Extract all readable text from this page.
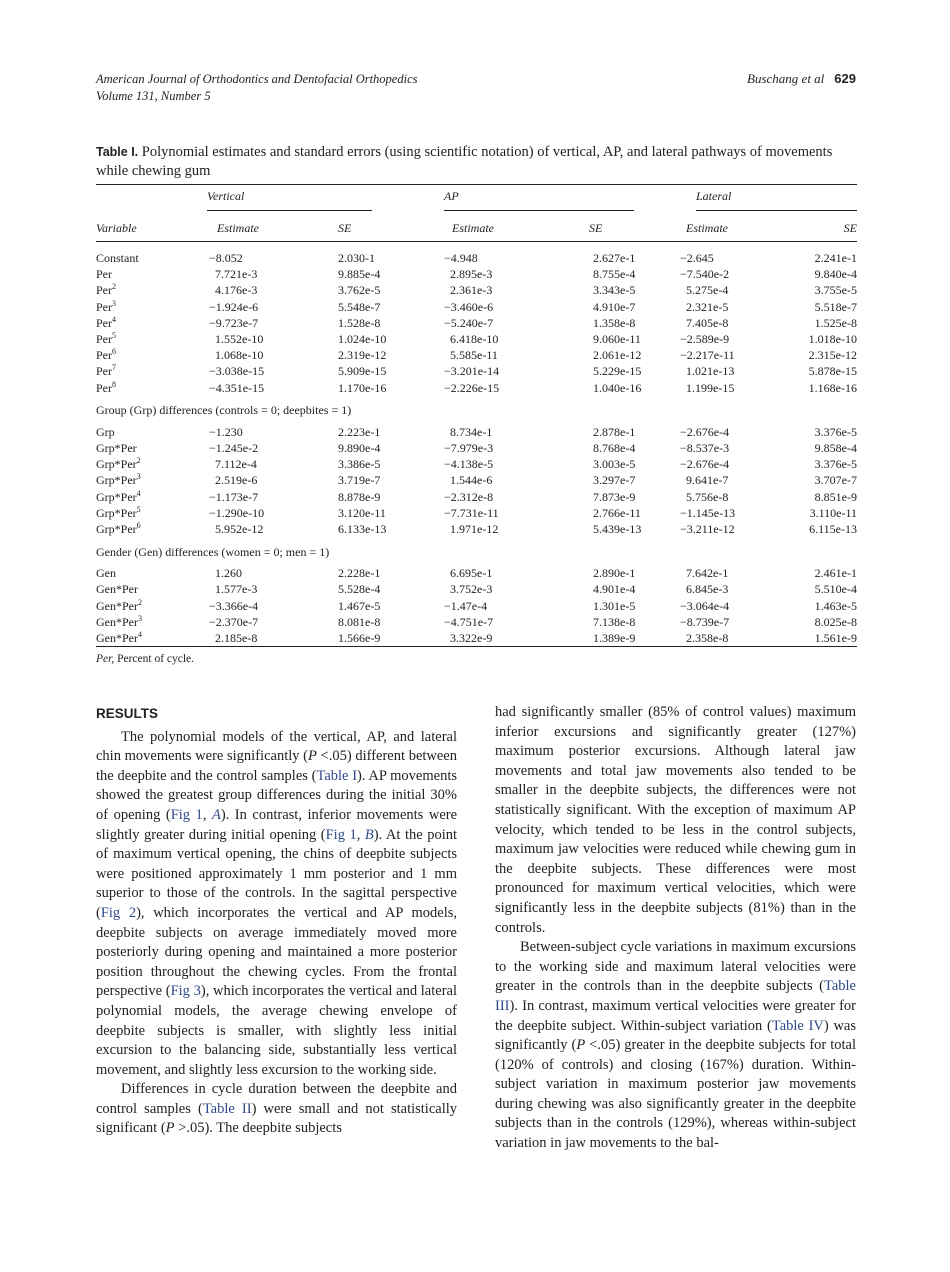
American Journal of Orthodontics and Dentofacial Orthopedics
Volume 131, Number 5
Buschang et al 629
Table I. Polynomial estimates and standard errors (using scientific notation) of vertical, AP, and lateral pathways of movements while chewing gum

	Vertical			AP			Lateral	

Variable	Estimate		SE	Estimate	SE	Estimate		SE

Constant	−8.052		2.030-1	−4.948	2.627e-1	−2.645		2.241e-1
Per	 7.721e-3		9.885e-4	 2.895e-3	8.755e-4	−7.540e-2		9.840e-4
Per$^2$	 4.176e-3		3.762e-5	 2.361e-3	3.343e-5	 5.275e-4		3.755e-5
Per$^3$	−1.924e-6		5.548e-7	−3.460e-6	4.910e-7	 2.321e-5		5.518e-7
Per$^4$	−9.723e-7		1.528e-8	−5.240e-7	1.358e-8	 7.405e-8		1.525e-8
Per$^5$	 1.552e-10		1.024e-10	 6.418e-10	9.060e-11	−2.589e-9		1.018e-10
Per$^6$	 1.068e-10		2.319e-12	 5.585e-11	2.061e-12	−2.217e-11		2.315e-12
Per$^7$	−3.038e-15		5.909e-15	−3.201e-14	5.229e-15	 1.021e-13		5.878e-15
Per$^8$	−4.351e-15		1.170e-16	−2.226e-15	1.040e-16	 1.199e-15		1.168e-16
Group (Grp) differences (controls = 0; deepbites = 1)								
Grp	−1.230		2.223e-1	 8.734e-1	2.878e-1	−2.676e-4		3.376e-5
Grp*Per	−1.245e-2		9.890e-4	−7.979e-3	8.768e-4	−8.537e-3		9.858e-4
Grp*Per$^2$	 7.112e-4		3.386e-5	−4.138e-5	3.003e-5	−2.676e-4		3.376e-5
Grp*Per$^3$	 2.519e-6		3.719e-7	 1.544e-6	3.297e-7	 9.641e-7		3.707e-7
Grp*Per$^4$	−1.173e-7		8.878e-9	−2.312e-8	7.873e-9	 5.756e-8		8.851e-9
Grp*Per$^5$	−1.290e-10		3.120e-11	−7.731e-11	2.766e-11	−1.145e-13		3.110e-11
Grp*Per$^6$	 5.952e-12		6.133e-13	 1.971e-12	5.439e-13	−3.211e-12		6.115e-13
Gender (Gen) differences (women = 0; men = 1)								
Gen	 1.260		2.228e-1	 6.695e-1	2.890e-1	 7.642e-1		2.461e-1
Gen*Per	 1.577e-3		5.528e-4	 3.752e-3	4.901e-4	 6.845e-3		5.510e-4
Gen*Per$^2$	−3.366e-4		1.467e-5	−1.47e-4	1.301e-5	−3.064e-4		1.463e-5
Gen*Per$^3$	−2.370e-7		8.081e-8	−4.751e-7	7.138e-8	−8.739e-7		8.025e-8
Gen*Per$^4$	 2.185e-8		1.566e-9	 3.322e-9	1.389e-9	 2.358e-8		1.561e-9
Per, Percent of cycle.
RESULTS

The polynomial models of the vertical, AP, and lateral chin movements were significantly (P <.05) different between the deepbite and the control samples (Table I). AP movements showed the greatest group differences during the initial 30% of opening (Fig 1, A). In contrast, inferior movements were slightly greater during initial opening (Fig 1, B). At the point of maximum vertical opening, the chins of deepbite subjects were positioned approximately 1 mm posterior and 1 mm superior to those of the controls. In the sagittal perspective (Fig 2), which incorporates the vertical and AP models, deepbite subjects on average immediately moved more posteriorly during opening and maintained a more posterior position throughout the chewing cycles. From the frontal perspective (Fig 3), which incorporates the vertical and lateral polynomial models, the average chewing envelope of deepbite subjects is smaller, with slightly less initial excursion to the balancing side, substantially less vertical movement, and slightly less excursion to the working side.

Differences in cycle duration between the deepbite and control samples (Table II) were small and not statistically significant (P >.05). The deepbite subjects

had significantly smaller (85% of control values) maximum inferior excursions and significantly greater (127%) maximum posterior excursions. Although lateral jaw movements and total jaw movements also tended to be smaller in the deepbite subjects, the differences were not statistically significant. With the exception of maximum AP velocity, which tended to be less in the control subjects, maximum jaw velocities were reduced while chewing gum in the deepbite subjects. These differences were most pronounced for maximum vertical velocities, which were significantly less in the deepbite subjects (81%) than in the controls.

Between-subject cycle variations in maximum excursions to the working side and maximum lateral velocities were greater in the controls than in the deepbite subjects (Table III). In contrast, maximum vertical velocities were greater for the deepbite subject. Within-subject variation (Table IV) was significantly (P <.05) greater in the deepbite subjects for total (120% of controls) and closing (167%) duration. Within-subject variation in maximum posterior jaw movements during chewing was also significantly greater in the deepbite subjects than in the controls (129%), whereas within-subject variation in jaw movements to the bal-
